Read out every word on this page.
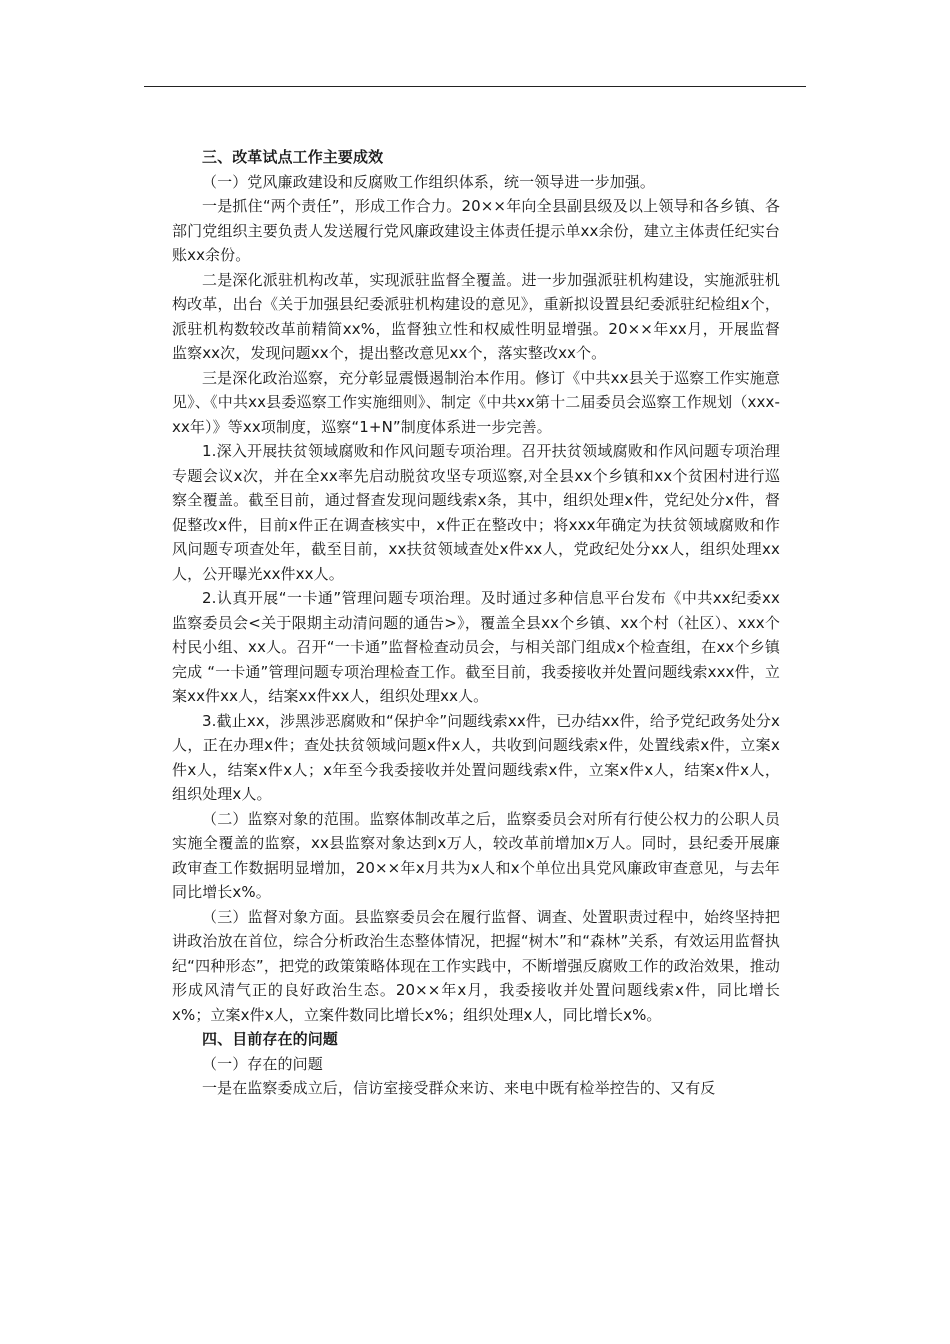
三、改革试点工作主要成效

（一）党风廉政建设和反腐败工作组织体系，统一领导进一步加强。

一是抓住“两个责任”，形成工作合力。20××年向全县副县级及以上领导和各乡镇、各部门党组织主要负责人发送履行党风廉政建设主体责任提示单xx余份，建立主体责任纪实台账xx余份。

二是深化派驻机构改革，实现派驻监督全覆盖。进一步加强派驻机构建设，实施派驻机构改革，出台《关于加强县纪委派驻机构建设的意见》，重新拟设置县纪委派驻纪检组x个，派驻机构数较改革前精简xx%，监督独立性和权威性明显增强。20××年xx月，开展监督监察xx次，发现问题xx个，提出整改意见xx个，落实整改xx个。

三是深化政治巡察，充分彰显震慑遏制治本作用。修订《中共xx县关于巡察工作实施意见》、《中共xx县委巡察工作实施细则》、制定《中共xx第十二届委员会巡察工作规划（xxx-xx年）》等xx项制度，巡察“1+N”制度体系进一步完善。

1.深入开展扶贫领域腐败和作风问题专项治理。召开扶贫领域腐败和作风问题专项治理专题会议x次，并在全xx率先启动脱贫攻坚专项巡察,对全县xx个乡镇和xx个贫困村进行巡察全覆盖。截至目前，通过督查发现问题线索x条，其中，组织处理x件，党纪处分x件，督促整改x件，目前x件正在调查核实中，x件正在整改中；将xxx年确定为扶贫领域腐败和作风问题专项查处年，截至目前，xx扶贫领域查处x件xx人，党政纪处分xx人，组织处理xx人，公开曝光xx件xx人。

2.认真开展“一卡通”管理问题专项治理。及时通过多种信息平台发布《中共xx纪委xx监察委员会<关于限期主动清问题的通告>》，覆盖全县xx个乡镇、xx个村（社区）、xxx个村民小组、xx人。召开“一卡通”监督检查动员会，与相关部门组成x个检查组，在xx个乡镇完成 “一卡通”管理问题专项治理检查工作。截至目前，我委接收并处置问题线索xxx件，立案xx件xx人，结案xx件xx人，组织处理xx人。

3.截止xx，涉黑涉恶腐败和“保护伞”问题线索xx件，已办结xx件，给予党纪政务处分x人，正在办理x件；查处扶贫领域问题x件x人，共收到问题线索x件，处置线索x件，立案x件x人，结案x件x人；x年至今我委接收并处置问题线索x件，立案x件x人，结案x件x人，组织处理x人。

（二）监察对象的范围。监察体制改革之后，监察委员会对所有行使公权力的公职人员实施全覆盖的监察，xx县监察对象达到x万人，较改革前增加x万人。同时，县纪委开展廉政审查工作数据明显增加，20××年x月共为x人和x个单位出具党风廉政审查意见，与去年同比增长x%。

（三）监督对象方面。县监察委员会在履行监督、调查、处置职责过程中，始终坚持把讲政治放在首位，综合分析政治生态整体情况，把握“树木”和“森林”关系，有效运用监督执纪“四种形态”，把党的政策策略体现在工作实践中，不断增强反腐败工作的政治效果，推动形成风清气正的良好政治生态。20××年x月，我委接收并处置问题线索x件，同比增长x%；立案x件x人，立案件数同比增长x%；组织处理x人，同比增长x%。

四、目前存在的问题

（一）存在的问题

一是在监察委成立后，信访室接受群众来访、来电中既有检举控告的、又有反
